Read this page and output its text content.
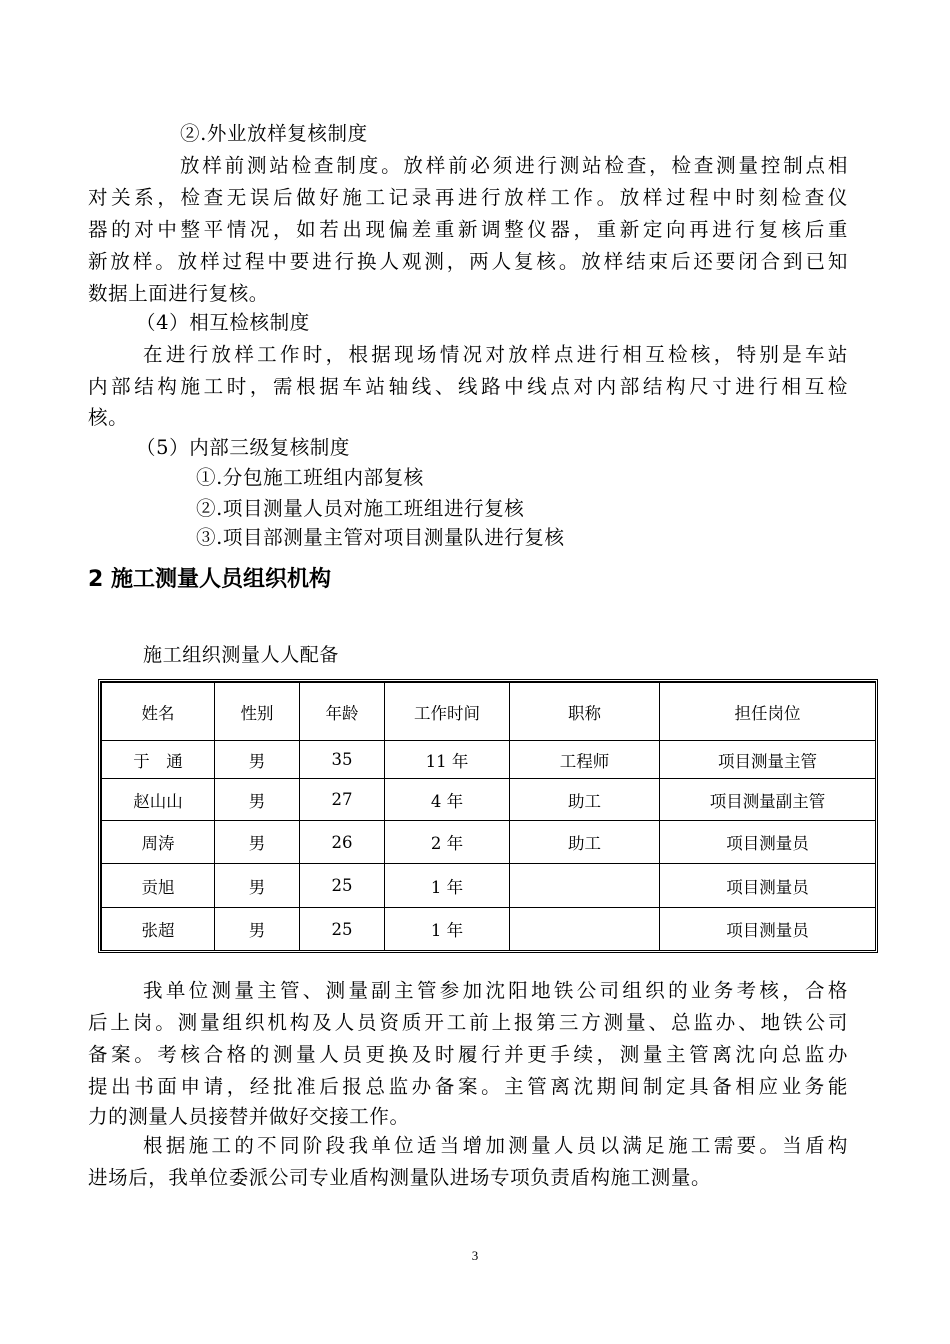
②.外业放样复核制度
放样前测站检查制度。放样前必须进行测站检查，检查测量控制点相
对关系，检查无误后做好施工记录再进行放样工作。放样过程中时刻检查仪
器的对中整平情况，如若出现偏差重新调整仪器，重新定向再进行复核后重
新放样。放样过程中要进行换人观测，两人复核。放样结束后还要闭合到已知
数据上面进行复核。
（4）相互检核制度
在进行放样工作时，根据现场情况对放样点进行相互检核，特别是车站
内部结构施工时，需根据车站轴线、线路中线点对内部结构尺寸进行相互检
核。
（5）内部三级复核制度
①.分包施工班组内部复核
②.项目测量人员对施工班组进行复核
③.项目部测量主管对项目测量队进行复核
2 施工测量人员组织机构
施工组织测量人人配备
姓名	性别	年龄	工作时间	职称	担任岗位
于　通	男	35	11 年	工程师	项目测量主管
赵山山	男	27	4 年	助工	项目测量副主管
周涛	男	26	2 年	助工	项目测量员
贡旭	男	25	1 年		项目测量员
张超	男	25	1 年		项目测量员
我单位测量主管、测量副主管参加沈阳地铁公司组织的业务考核，合格
后上岗。测量组织机构及人员资质开工前上报第三方测量、总监办、地铁公司
备案。考核合格的测量人员更换及时履行并更手续，测量主管离沈向总监办
提出书面申请，经批准后报总监办备案。主管离沈期间制定具备相应业务能
力的测量人员接替并做好交接工作。
根据施工的不同阶段我单位适当增加测量人员以满足施工需要。当盾构
进场后，我单位委派公司专业盾构测量队进场专项负责盾构施工测量。
3
